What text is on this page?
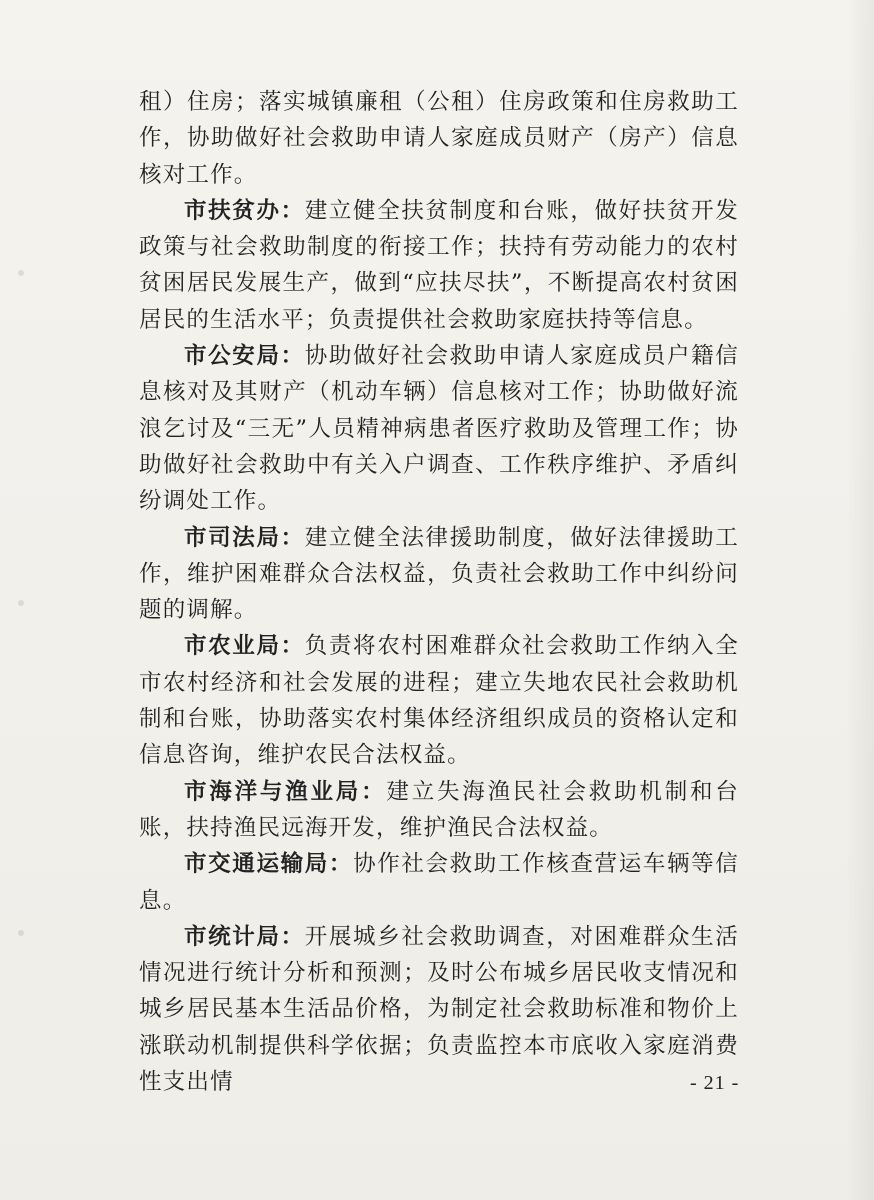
租）住房；落实城镇廉租（公租）住房政策和住房救助工作，协助做好社会救助申请人家庭成员财产（房产）信息核对工作。

市扶贫办：建立健全扶贫制度和台账，做好扶贫开发政策与社会救助制度的衔接工作；扶持有劳动能力的农村贫困居民发展生产，做到“应扶尽扶”，不断提高农村贫困居民的生活水平；负责提供社会救助家庭扶持等信息。

市公安局：协助做好社会救助申请人家庭成员户籍信息核对及其财产（机动车辆）信息核对工作；协助做好流浪乞讨及“三无”人员精神病患者医疗救助及管理工作；协助做好社会救助中有关入户调查、工作秩序维护、矛盾纠纷调处工作。

市司法局：建立健全法律援助制度，做好法律援助工作，维护困难群众合法权益，负责社会救助工作中纠纷问题的调解。

市农业局：负责将农村困难群众社会救助工作纳入全市农村经济和社会发展的进程；建立失地农民社会救助机制和台账，协助落实农村集体经济组织成员的资格认定和信息咨询，维护农民合法权益。

市海洋与渔业局：建立失海渔民社会救助机制和台账，扶持渔民远海开发，维护渔民合法权益。

市交通运输局：协作社会救助工作核查营运车辆等信息。

市统计局：开展城乡社会救助调查，对困难群众生活情况进行统计分析和预测；及时公布城乡居民收支情况和城乡居民基本生活品价格，为制定社会救助标准和物价上涨联动机制提供科学依据；负责监控本市底收入家庭消费性支出情	- 21 -
